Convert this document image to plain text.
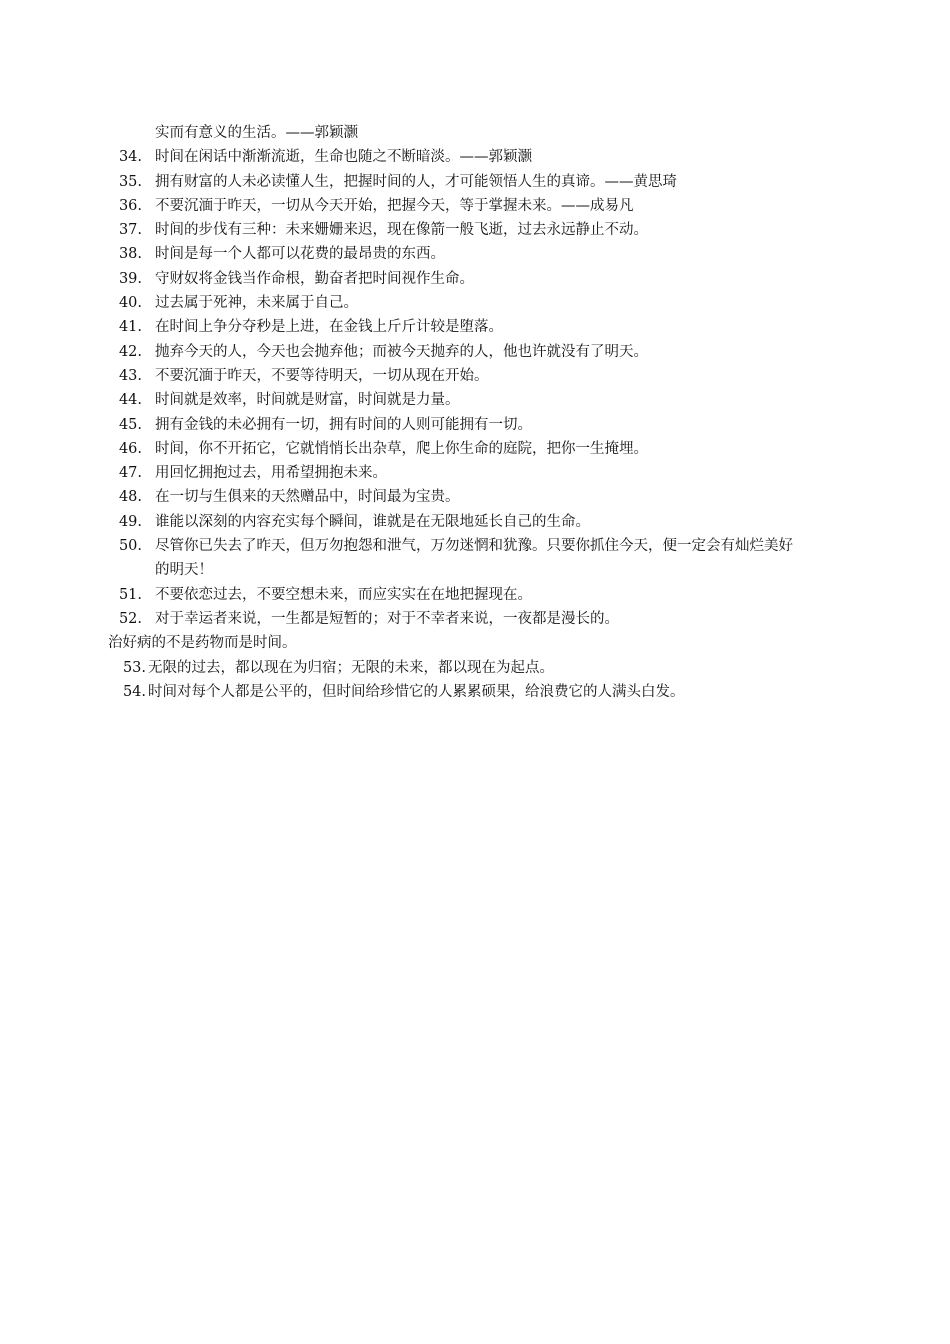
实而有意义的生活。——郭颖灏
34. 时间在闲话中渐渐流逝，生命也随之不断暗淡。——郭颖灏
35. 拥有财富的人未必读懂人生，把握时间的人，才可能领悟人生的真谛。——黄思琦
36. 不要沉湎于昨天，一切从今天开始，把握今天，等于掌握未来。——成易凡
37. 时间的步伐有三种：未来姗姗来迟，现在像箭一般飞逝，过去永远静止不动。
38. 时间是每一个人都可以花费的最昂贵的东西。
39. 守财奴将金钱当作命根，勤奋者把时间视作生命。
40. 过去属于死神，未来属于自己。
41. 在时间上争分夺秒是上进，在金钱上斤斤计较是堕落。
42. 抛弃今天的人，今天也会抛弃他；而被今天抛弃的人，他也许就没有了明天。
43. 不要沉湎于昨天，不要等待明天，一切从现在开始。
44. 时间就是效率，时间就是财富，时间就是力量。
45. 拥有金钱的未必拥有一切，拥有时间的人则可能拥有一切。
46. 时间，你不开拓它，它就悄悄长出杂草，爬上你生命的庭院，把你一生掩埋。
47. 用回忆拥抱过去，用希望拥抱未来。
48. 在一切与生俱来的天然赠品中，时间最为宝贵。
49. 谁能以深刻的内容充实每个瞬间，谁就是在无限地延长自己的生命。
50. 尽管你已失去了昨天，但万勿抱怨和泄气，万勿迷惘和犹豫。只要你抓住今天，便一定会有灿烂美好
的明天！
51. 不要依恋过去，不要空想未来，而应实实在在地把握现在。
52. 对于幸运者来说，一生都是短暂的；对于不幸者来说，一夜都是漫长的。
治好病的不是药物而是时间。
53. 无限的过去，都以现在为归宿；无限的未来，都以现在为起点。
54. 时间对每个人都是公平的，但时间给珍惜它的人累累硕果，给浪费它的人满头白发。
